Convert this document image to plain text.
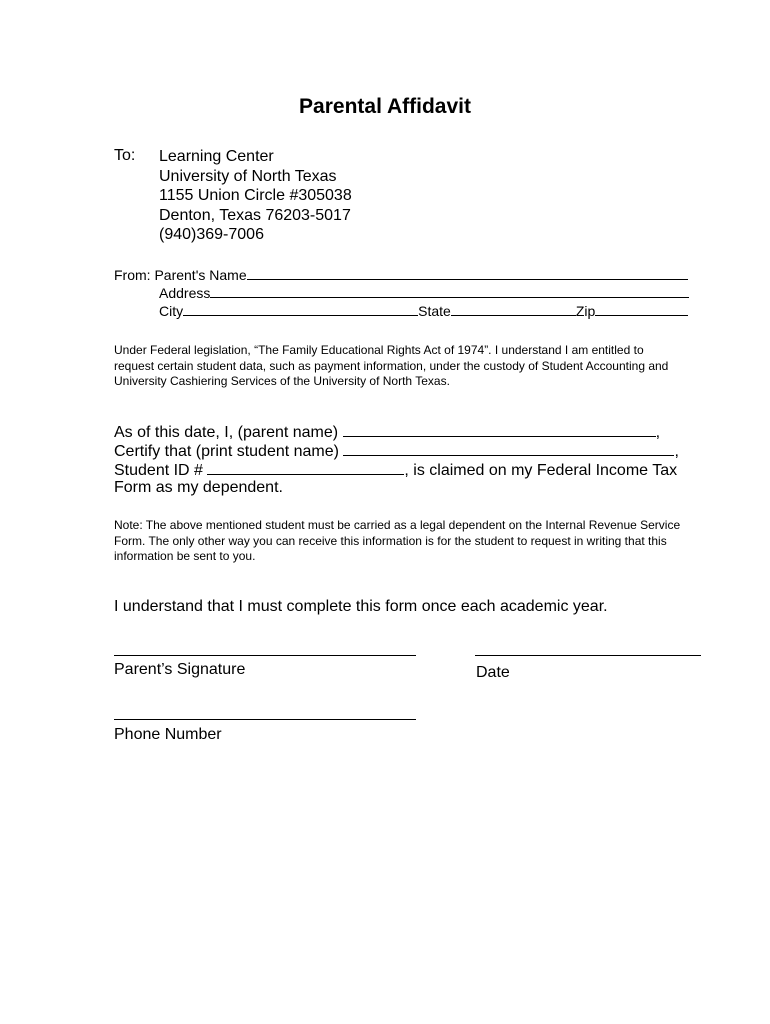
Parental Affidavit
To: Learning Center
University of North Texas
1155 Union Circle #305038
Denton, Texas 76203-5017
(940)369-7006
From: Parent's Name
Address
City	State	Zip
Under Federal legislation, “The Family Educational Rights Act of 1974”. I understand I am entitled to request certain student data, such as payment information, under the custody of Student Accounting and University Cashiering Services of the University of North Texas.
As of this date, I, (parent name)	,
Certify that (print student name)	,
Student ID #	, is claimed on my Federal Income Tax
Form as my dependent.
Note: The above mentioned student must be carried as a legal dependent on the Internal Revenue Service Form. The only other way you can receive this information is for the student to request in writing that this information be sent to you.
I understand that I must complete this form once each academic year.
Parent’s Signature	Date
Phone Number
